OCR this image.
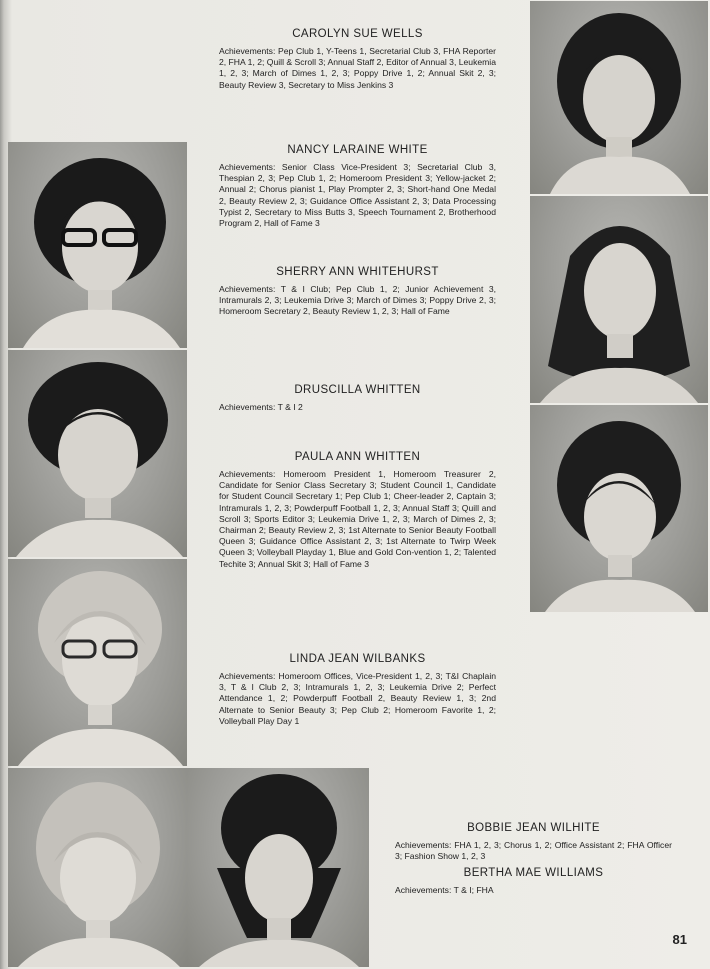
CAROLYN SUE WELLS
Achievements: Pep Club 1, Y-Teens 1, Secretarial Club 3, FHA Reporter 2, FHA 1, 2; Quill & Scroll 3; Annual Staff 2, Editor of Annual 3, Leukemia 1, 2, 3; March of Dimes 1, 2, 3; Poppy Drive 1, 2; Annual Skit 2, 3; Beauty Review 3, Secretary to Miss Jenkins 3
NANCY LARAINE WHITE
Achievements: Senior Class Vice-President 3; Secretarial Club 3, Thespian 2, 3; Pep Club 1, 2; Homeroom President 3; Yellow-jacket 2; Annual 2; Chorus pianist 1, Play Prompter 2, 3; Short-hand One Medal 2, Beauty Review 2, 3; Guidance Office Assistant 2, 3; Data Processing Typist 2, Secretary to Miss Butts 3, Speech Tournament 2, Brotherhood Program 2, Hall of Fame 3
SHERRY ANN WHITEHURST
Achievements: T & I Club; Pep Club 1, 2; Junior Achievement 3, Intramurals 2, 3; Leukemia Drive 3; March of Dimes 3; Poppy Drive 2, 3; Homeroom Secretary 2, Beauty Review 1, 2, 3; Hall of Fame
DRUSCILLA WHITTEN
Achievements: T & I 2
PAULA ANN WHITTEN
Achievements: Homeroom President 1, Homeroom Treasurer 2, Candidate for Senior Class Secretary 3; Student Council 1, Candidate for Student Council Secretary 1; Pep Club 1; Cheer-leader 2, Captain 3; Intramurals 1, 2, 3; Powderpuff Football 1, 2, 3; Annual Staff 3; Quill and Scroll 3; Sports Editor 3; Leukemia Drive 1, 2, 3; March of Dimes 2, 3; Chairman 2; Beauty Review 2, 3; 1st Alternate to Senior Beauty Football Queen 3; Guidance Office Assistant 2, 3; 1st Alternate to Twirp Week Queen 3; Volleyball Playday 1, Blue and Gold Con-vention 1, 2; Talented Techite 3; Annual Skit 3; Hall of Fame 3
LINDA JEAN WILBANKS
Achievements: Homeroom Offices, Vice-President 1, 2, 3; T&I Chaplain 3, T & I Club 2, 3; Intramurals 1, 2, 3; Leukemia Drive 2; Perfect Attendance 1, 2; Powderpuff Football 2, Beauty Review 1, 3; 2nd Alternate to Senior Beauty 3; Pep Club 2; Homeroom Favorite 1, 2; Volleyball Play Day 1
BOBBIE JEAN WILHITE
Achievements: FHA 1, 2, 3; Chorus 1, 2; Office Assistant 2; FHA Officer 3; Fashion Show 1, 2, 3
BERTHA MAE WILLIAMS
Achievements: T & I; FHA
81
